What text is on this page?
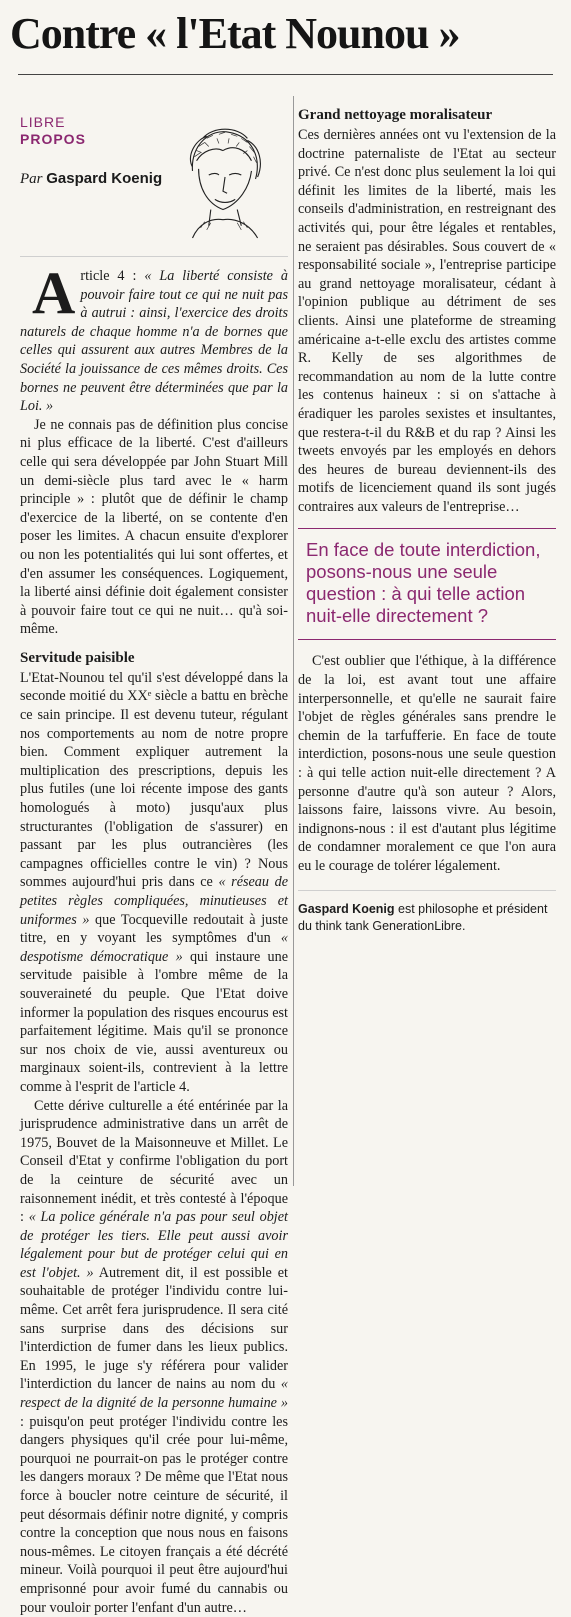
Contre « l'Etat Nounou »
LIBRE
PROPOS
Par Gaspard Koenig

Article 4 : « La liberté consiste à pouvoir faire tout ce qui ne nuit pas à autrui : ainsi, l'exercice des droits naturels de chaque homme n'a de bornes que celles qui assurent aux autres Membres de la Société la jouissance de ces mêmes droits. Ces bornes ne peuvent être déterminées que par la Loi. »

Je ne connais pas de définition plus concise ni plus efficace de la liberté. C'est d'ailleurs celle qui sera développée par John Stuart Mill un demi-siècle plus tard avec le « harm principle » : plutôt que de définir le champ d'exercice de la liberté, on se contente d'en poser les limites. A chacun ensuite d'explorer ou non les potentialités qui lui sont offertes, et d'en assumer les conséquences. Logiquement, la liberté ainsi définie doit également consister à pouvoir faire tout ce qui ne nuit… qu'à soi-même.

Servitude paisible

L'Etat-Nounou tel qu'il s'est développé dans la seconde moitié du XXᵉ siècle a battu en brèche ce sain principe. Il est devenu tuteur, régulant nos comportements au nom de notre propre bien. Comment expliquer autrement la multiplication des prescriptions, depuis les plus futiles (une loi récente impose des gants homologués à moto) jusqu'aux plus structurantes (l'obligation de s'assurer) en passant par les plus outrancières (les campagnes officielles contre le vin) ? Nous sommes aujourd'hui pris dans ce « réseau de petites règles compliquées, minutieuses et uniformes » que Tocqueville redoutait à juste titre, en y voyant les symptômes d'un « despotisme démocratique » qui instaure une servitude paisible à l'ombre même de la souveraineté du peuple. Que l'Etat doive informer la population des risques encourus est parfaitement légitime. Mais qu'il se prononce sur nos choix de vie, aussi aventureux ou marginaux soient-ils, contrevient à la lettre comme à l'esprit de l'article 4.

Cette dérive culturelle a été entérinée par la jurisprudence administrative dans un arrêt de 1975, Bouvet de la Maisonneuve et Millet. Le Conseil d'Etat y confirme l'obligation du port de la ceinture de sécurité avec un raisonnement inédit, et très contesté à l'époque : « La police générale n'a pas pour seul objet de protéger les tiers. Elle peut aussi avoir légalement pour but de protéger celui qui en est l'objet. » Autrement dit, il est possible et souhaitable de protéger l'individu contre lui-même. Cet arrêt fera jurisprudence. Il sera cité sans surprise dans des décisions sur l'interdiction de fumer dans les lieux publics. En 1995, le juge s'y référera pour valider l'interdiction du lancer de nains au nom du « respect de la dignité de la personne humaine » : puisqu'on peut protéger l'individu contre les dangers physiques qu'il crée pour lui-même, pourquoi ne pourrait-on pas le protéger contre les dangers moraux ? De même que l'Etat nous force à boucler notre ceinture de sécurité, il peut désormais définir notre dignité, y compris contre la conception que nous nous en faisons nous-mêmes. Le citoyen français a été décrété mineur. Voilà pourquoi il peut être aujourd'hui emprisonné pour avoir fumé du cannabis ou pour vouloir porter l'enfant d'un autre…

Grand nettoyage moralisateur

Ces dernières années ont vu l'extension de la doctrine paternaliste de l'Etat au secteur privé. Ce n'est donc plus seulement la loi qui définit les limites de la liberté, mais les conseils d'administration, en restreignant des activités qui, pour être légales et rentables, ne seraient pas désirables. Sous couvert de « responsabilité sociale », l'entreprise participe au grand nettoyage moralisateur, cédant à l'opinion publique au détriment de ses clients. Ainsi une plateforme de streaming américaine a-t-elle exclu des artistes comme R. Kelly de ses algorithmes de recommandation au nom de la lutte contre les contenus haineux : si on s'attache à éradiquer les paroles sexistes et insultantes, que restera-t-il du R&B et du rap ? Ainsi les tweets envoyés par les employés en dehors des heures de bureau deviennent-ils des motifs de licenciement quand ils sont jugés contraires aux valeurs de l'entreprise…

En face de toute interdiction, posons-nous une seule question : à qui telle action nuit-elle directement ?

C'est oublier que l'éthique, à la différence de la loi, est avant tout une affaire interpersonnelle, et qu'elle ne saurait faire l'objet de règles générales sans prendre le chemin de la tarfufferie. En face de toute interdiction, posons-nous une seule question : à qui telle action nuit-elle directement ? A personne d'autre qu'à son auteur ? Alors, laissons faire, laissons vivre. Au besoin, indignons-nous : il est d'autant plus légitime de condamner moralement ce que l'on aura eu le courage de tolérer légalement.

Gaspard Koenig est philosophe et président du think tank GenerationLibre.
